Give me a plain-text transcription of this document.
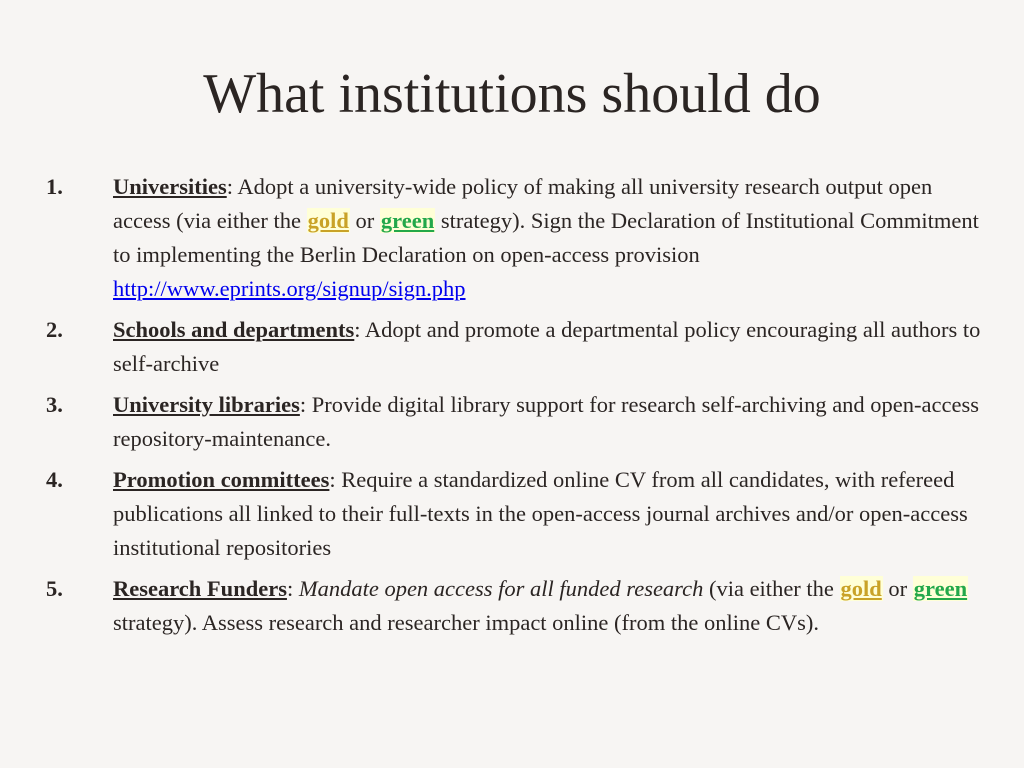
What institutions should do
1. Universities: Adopt a university-wide policy of making all university research output open access (via either the gold or green strategy). Sign the Declaration of Institutional Commitment to implementing the Berlin Declaration on open-access provision http://www.eprints.org/signup/sign.php
2. Schools and departments: Adopt and promote a departmental policy encouraging all authors to self-archive
3. University libraries: Provide digital library support for research self-archiving and open-access repository-maintenance.
4. Promotion committees: Require a standardized online CV from all candidates, with refereed publications all linked to their full-texts in the open-access journal archives and/or open-access institutional repositories
5. Research Funders: Mandate open access for all funded research (via either the gold or green strategy). Assess research and researcher impact online (from the online CVs).
